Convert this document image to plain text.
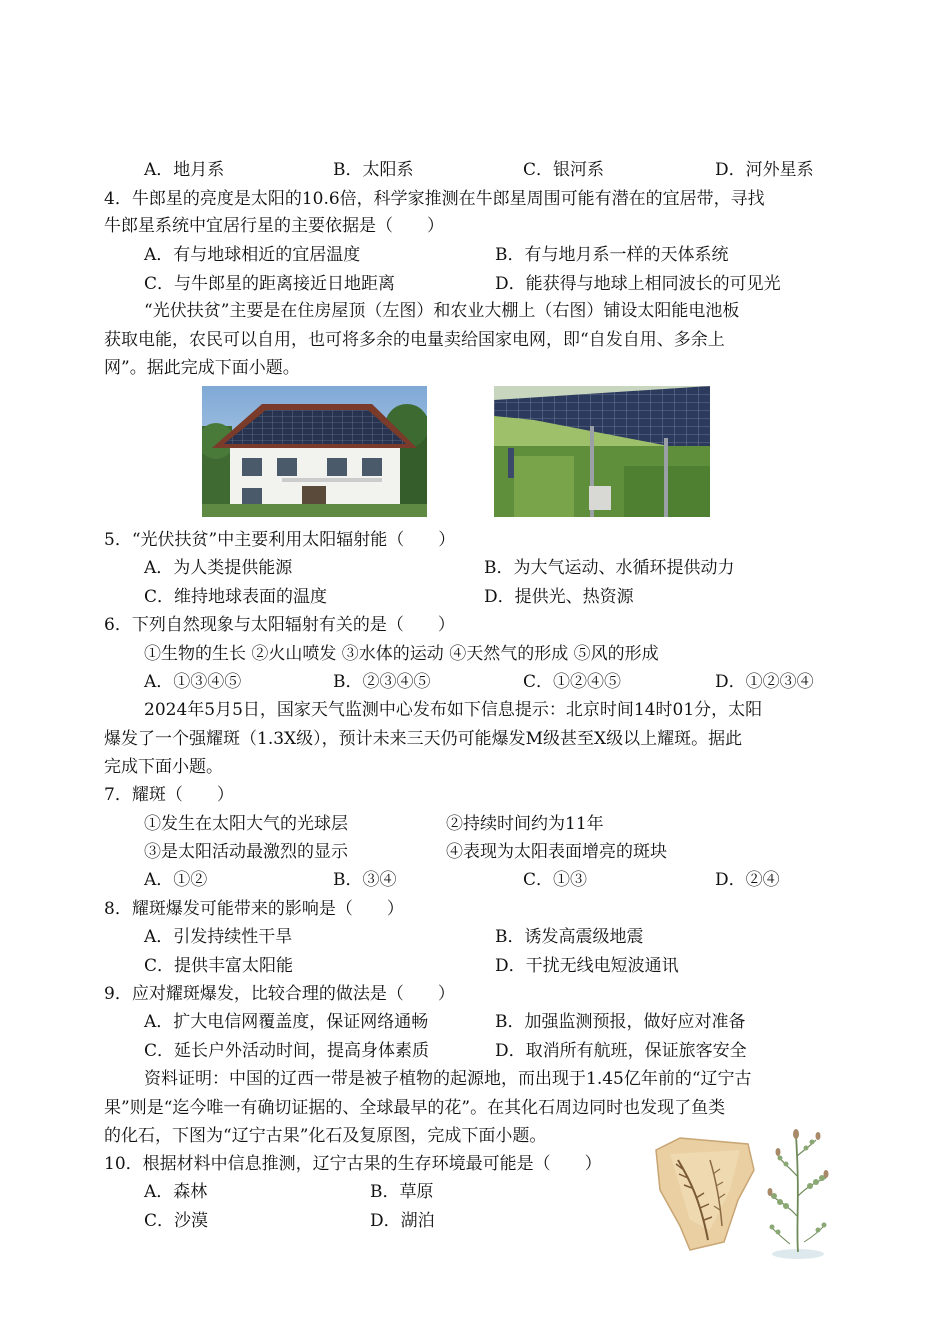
A．地月系	B．太阳系	C．银河系	D．河外星系
4．牛郎星的亮度是太阳的10.6倍，科学家推测在牛郎星周围可能有潜在的宜居带，寻找
牛郎星系统中宜居行星的主要依据是（　　）
A．有与地球相近的宜居温度	B．有与地月系一样的天体系统
C．与牛郎星的距离接近日地距离	D．能获得与地球上相同波长的可见光
“光伏扶贫”主要是在住房屋顶（左图）和农业大棚上（右图）铺设太阳能电池板
获取电能，农民可以自用，也可将多余的电量卖给国家电网，即“自发自用、多余上
网”。据此完成下面小题。
5．“光伏扶贫”中主要利用太阳辐射能（　　）
A．为人类提供能源	B．为大气运动、水循环提供动力
C．维持地球表面的温度	D．提供光、热资源
6．下列自然现象与太阳辐射有关的是（　　）
①生物的生长 ②火山喷发 ③水体的运动 ④天然气的形成 ⑤风的形成
A．①③④⑤	B．②③④⑤	C．①②④⑤	D．①②③④
2024年5月5日，国家天气监测中心发布如下信息提示：北京时间14时01分，太阳
爆发了一个强耀斑（1.3X级），预计未来三天仍可能爆发M级甚至X级以上耀斑。据此
完成下面小题。
7．耀斑（　　）
①发生在太阳大气的光球层	②持续时间约为11年
③是太阳活动最激烈的显示	④表现为太阳表面增亮的斑块
A．①②	B．③④	C．①③	D．②④
8．耀斑爆发可能带来的影响是（　　）
A．引发持续性干旱	B．诱发高震级地震
C．提供丰富太阳能	D．干扰无线电短波通讯
9．应对耀斑爆发，比较合理的做法是（　　）
A．扩大电信网覆盖度，保证网络通畅	B．加强监测预报，做好应对准备
C．延长户外活动时间，提高身体素质	D．取消所有航班，保证旅客安全
资料证明：中国的辽西一带是被子植物的起源地，而出现于1.45亿年前的“辽宁古
果”则是“迄今唯一有确切证据的、全球最早的花”。在其化石周边同时也发现了鱼类
的化石，下图为“辽宁古果”化石及复原图，完成下面小题。
10．根据材料中信息推测，辽宁古果的生存环境最可能是（　　）
A．森林	B．草原
C．沙漠	D．湖泊
